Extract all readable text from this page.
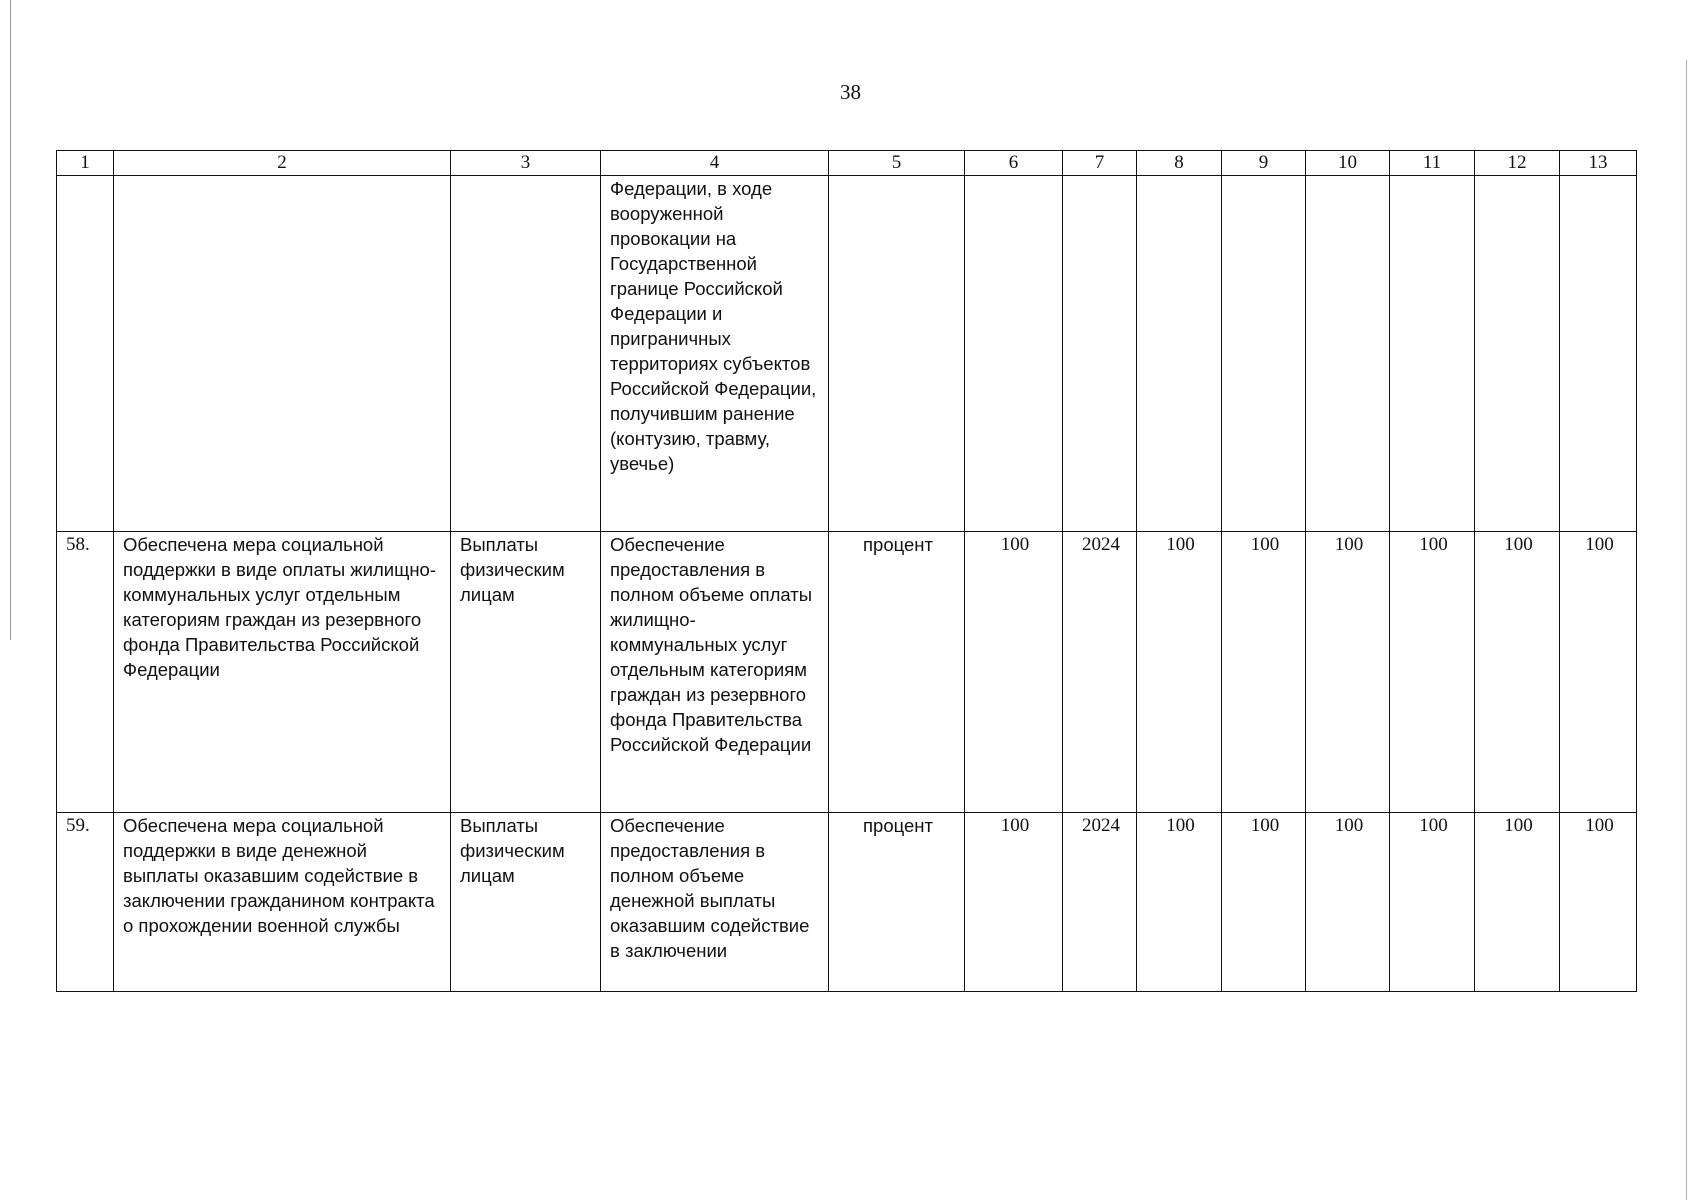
38
1	2	3	4	5	6	7	8	9	10	11	12	13
			Федерации, в ходе вооруженной провокации на Государственной границе Российской Федерации и приграничных территориях субъектов Российской Федерации, получившим ранение (контузию, травму, увечье)									
58.	Обеспечена мера социальной поддержки в виде оплаты жилищно-коммунальных услуг отдельным категориям граждан из резервного фонда Правительства Российской Федерации	Выплаты физическим лицам	Обеспечение предоставления в полном объеме оплаты жилищно-коммунальных услуг отдельным категориям граждан из резервного фонда Правительства Российской Федерации	процент	100	2024	100	100	100	100	100	100
59.	Обеспечена мера социальной поддержки в виде денежной выплаты оказавшим содействие в заключении гражданином контракта о прохождении военной службы	Выплаты физическим лицам	Обеспечение предоставления в полном объеме денежной выплаты оказавшим содействие в заключении	процент	100	2024	100	100	100	100	100	100
